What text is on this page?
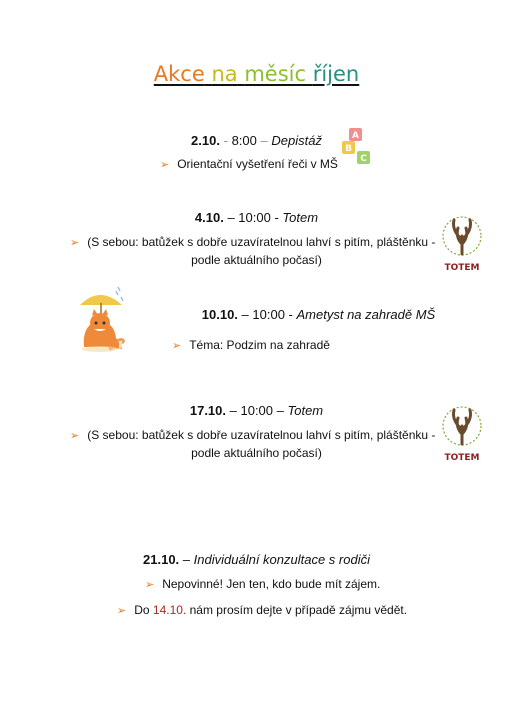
Akce na měsíc říjen
2.10. - 8:00 – Depistáž
➢ Orientační vyšetření řeči v MŠ
A
B
C
4.10. – 10:00 - Totem
➢ (S sebou: batůžek s dobře uzavíratelnou lahví s pitím, pláštěnku -
podle aktuálního počasí)
TOTEM
10.10. – 10:00 - Ametyst na zahradě MŠ
➢ Téma: Podzim na zahradě
17.10. – 10:00 – Totem
➢ (S sebou: batůžek s dobře uzavíratelnou lahví s pitím, pláštěnku -
podle aktuálního počasí)	TOTEM
21.10. – Individuální konzultace s rodiči
➢ Nepovinné! Jen ten, kdo bude mít zájem.
➢ Do 14.10. nám prosím dejte v případě zájmu vědět.
